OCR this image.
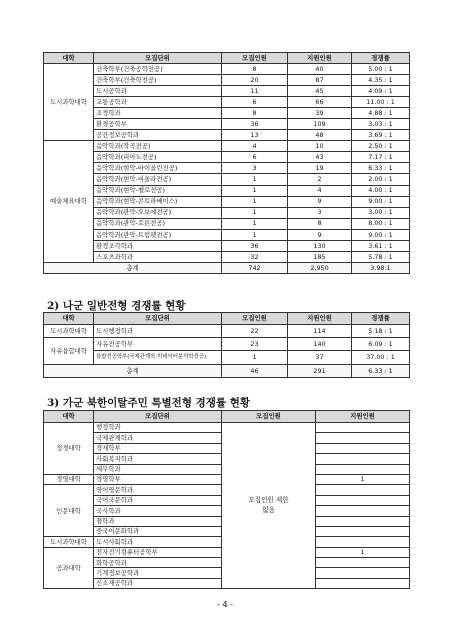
대학	모집단위	모집인원	지원인원	경쟁률
도시과학대학	건축학부(건축공학전공)	8	40	5.00 : 1
	건축학부(건축학전공)	20	87	4.35 : 1
	도시공학과	11	45	4.09 : 1
	교통공학과	6	66	11.00 : 1
	조경학과	8	39	4.88 : 1
	환경공학부	36	109	3.03 : 1
	공간정보공학과	13	48	3.69 : 1
예술체육대학	음악학과(작곡전공)	4	10	2.50 : 1
	음악학과(피아노전공)	6	43	7.17 : 1
	음악학과(현악-바이올린전공)	3	19	6.33 : 1
	음악학과(현악-비올라전공)	1	2	2.00 : 1
	음악학과(현악-첼로전공)	1	4	4.00 : 1
	음악학과(현악-콘트라베이스)	1	9	9.00 : 1
	음악학과(관악-오보에전공)	1	3	3.00 : 1
	음악학과(관악-호른전공)	1	8	8.00 : 1
	음악학과(관악-트럼펫전공)	1	9	9.00 : 1
	환경조각학과	36	130	3.61 : 1
	스포츠과학과	32	185	5.78 : 1
총계		742	2,950	3.98:1
2) 나군 일반전형 경쟁률 현황
대학	모집단위	모집인원	지원인원	경쟁률
도시과학대학	도시행정학과	22	114	5.18 : 1
자유융합대학	자유전공학부	23	140	6.09 : 1
	융합전공학부(국제관계학·빅데이터분석학전공)	1	37	37.00 : 1
총계		46	291	6.33 : 1
3) 가군 북한이탈주민 특별전형 경쟁률 현황
대학	모집단위	모집인원	지원인원
정경대학	행정학과	모집인원 제한없음	
	국제관계학과		
	경제학부		
	사회복지학과		
	세무학과		
경영대학	경영학부		1
인문대학	영어영문학과		
	국어국문학과		
	국사학과		
	철학과		
	중국어문화학과		
도시과학대학	도시사회학과		
공과대학	전자전기컴퓨터공학부		1
	화학공학과		
	기계정보공학과		
	신소재공학과		
- 4 -
